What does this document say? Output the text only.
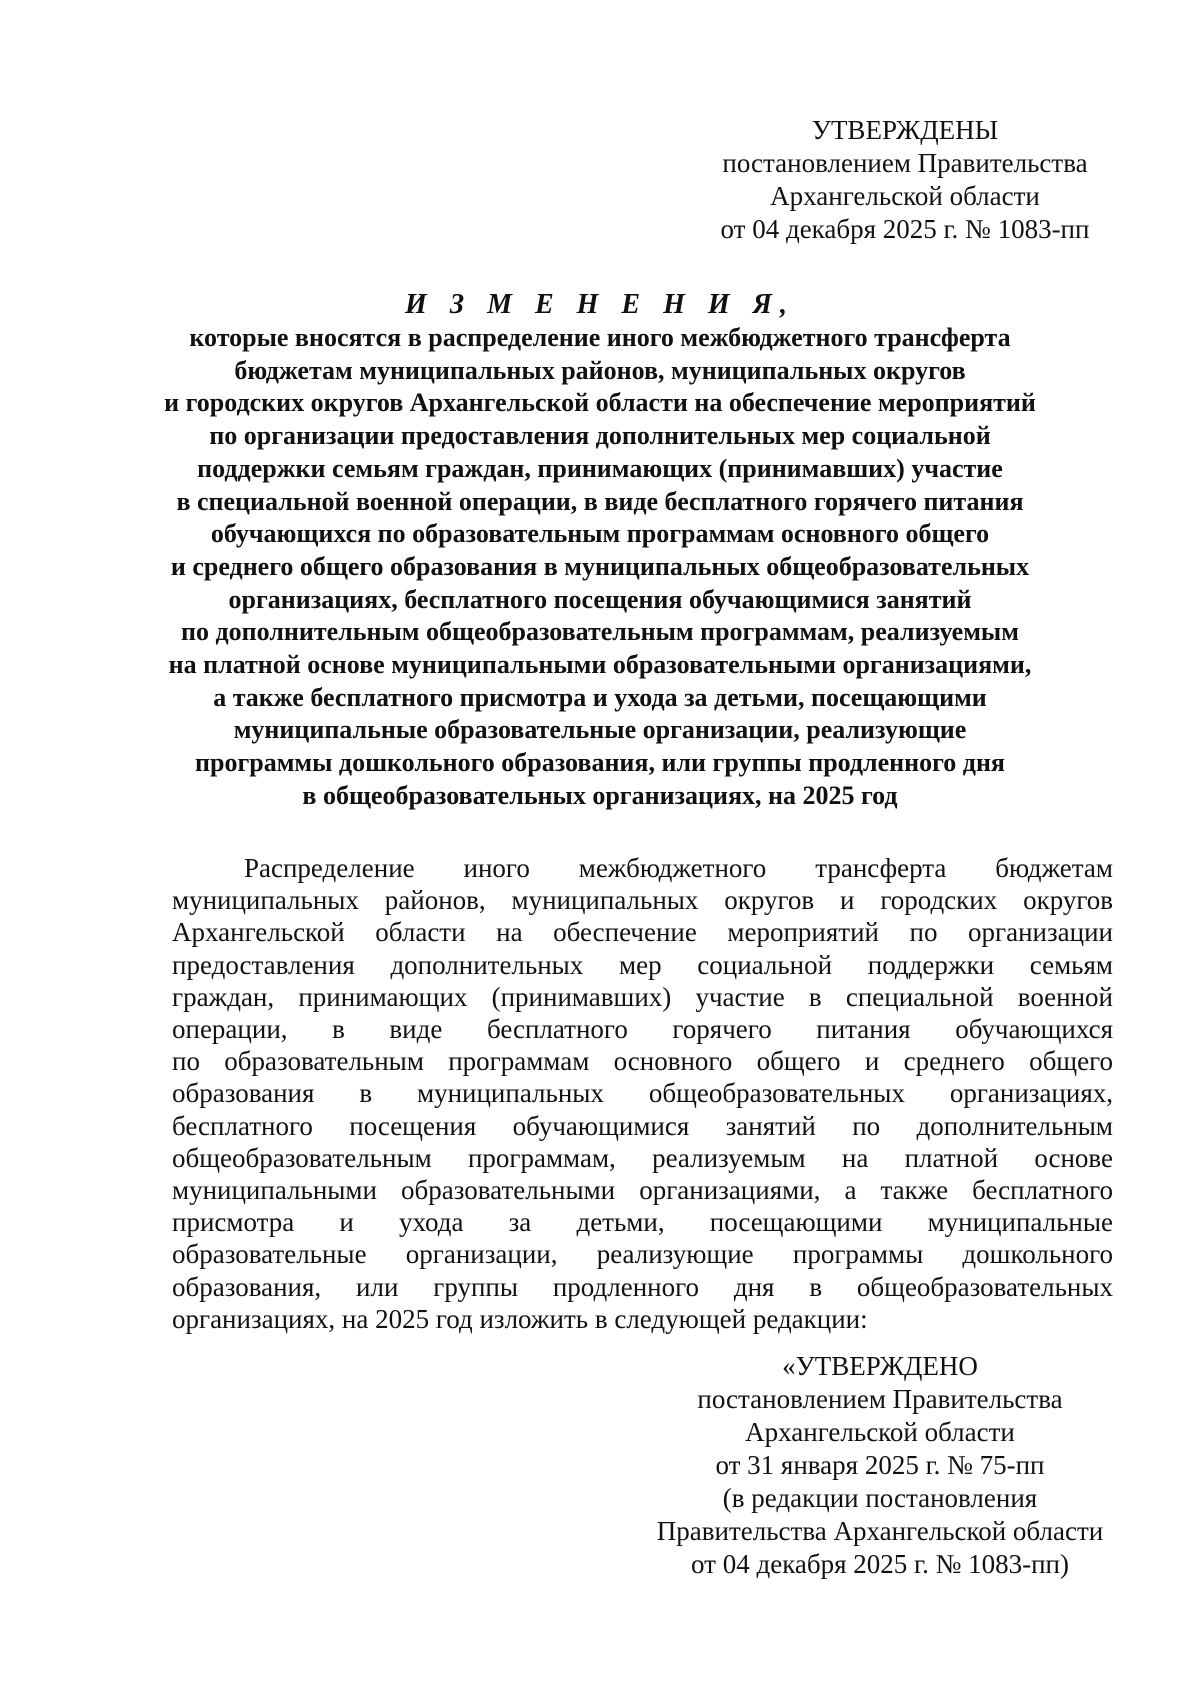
УТВЕРЖДЕНЫ
постановлением Правительства
Архангельской области
от 04 декабря 2025 г. № 1083-пп
И З М Е Н Е Н И Я,
которые вносятся в распределение иного межбюджетного трансферта
бюджетам муниципальных районов, муниципальных округов
и городских округов Архангельской области на обеспечение мероприятий
по организации предоставления дополнительных мер социальной
поддержки семьям граждан, принимающих (принимавших) участие
в специальной военной операции, в виде бесплатного горячего питания
обучающихся по образовательным программам основного общего
и среднего общего образования в муниципальных общеобразовательных
организациях, бесплатного посещения обучающимися занятий
по дополнительным общеобразовательным программам, реализуемым
на платной основе муниципальными образовательными организациями,
а также бесплатного присмотра и ухода за детьми, посещающими
муниципальные образовательные организации, реализующие
программы дошкольного образования, или группы продленного дня
в общеобразовательных организациях, на 2025 год
Распределение иного межбюджетного трансферта бюджетам
муниципальных районов, муниципальных округов и городских округов
Архангельской области на обеспечение мероприятий по организации
предоставления дополнительных мер социальной поддержки семьям
граждан, принимающих (принимавших) участие в специальной военной
операции, в виде бесплатного горячего питания обучающихся
по образовательным программам основного общего и среднего общего
образования в муниципальных общеобразовательных организациях,
бесплатного посещения обучающимися занятий по дополнительным
общеобразовательным программам, реализуемым на платной основе
муниципальными образовательными организациями, а также бесплатного
присмотра и ухода за детьми, посещающими муниципальные
образовательные организации, реализующие программы дошкольного
образования, или группы продленного дня в общеобразовательных
организациях, на 2025 год изложить в следующей редакции:
«УТВЕРЖДЕНО
постановлением Правительства
Архангельской области
от 31 января 2025 г. № 75-пп
(в редакции постановления
Правительства Архангельской области
от 04 декабря 2025 г. № 1083-пп)
